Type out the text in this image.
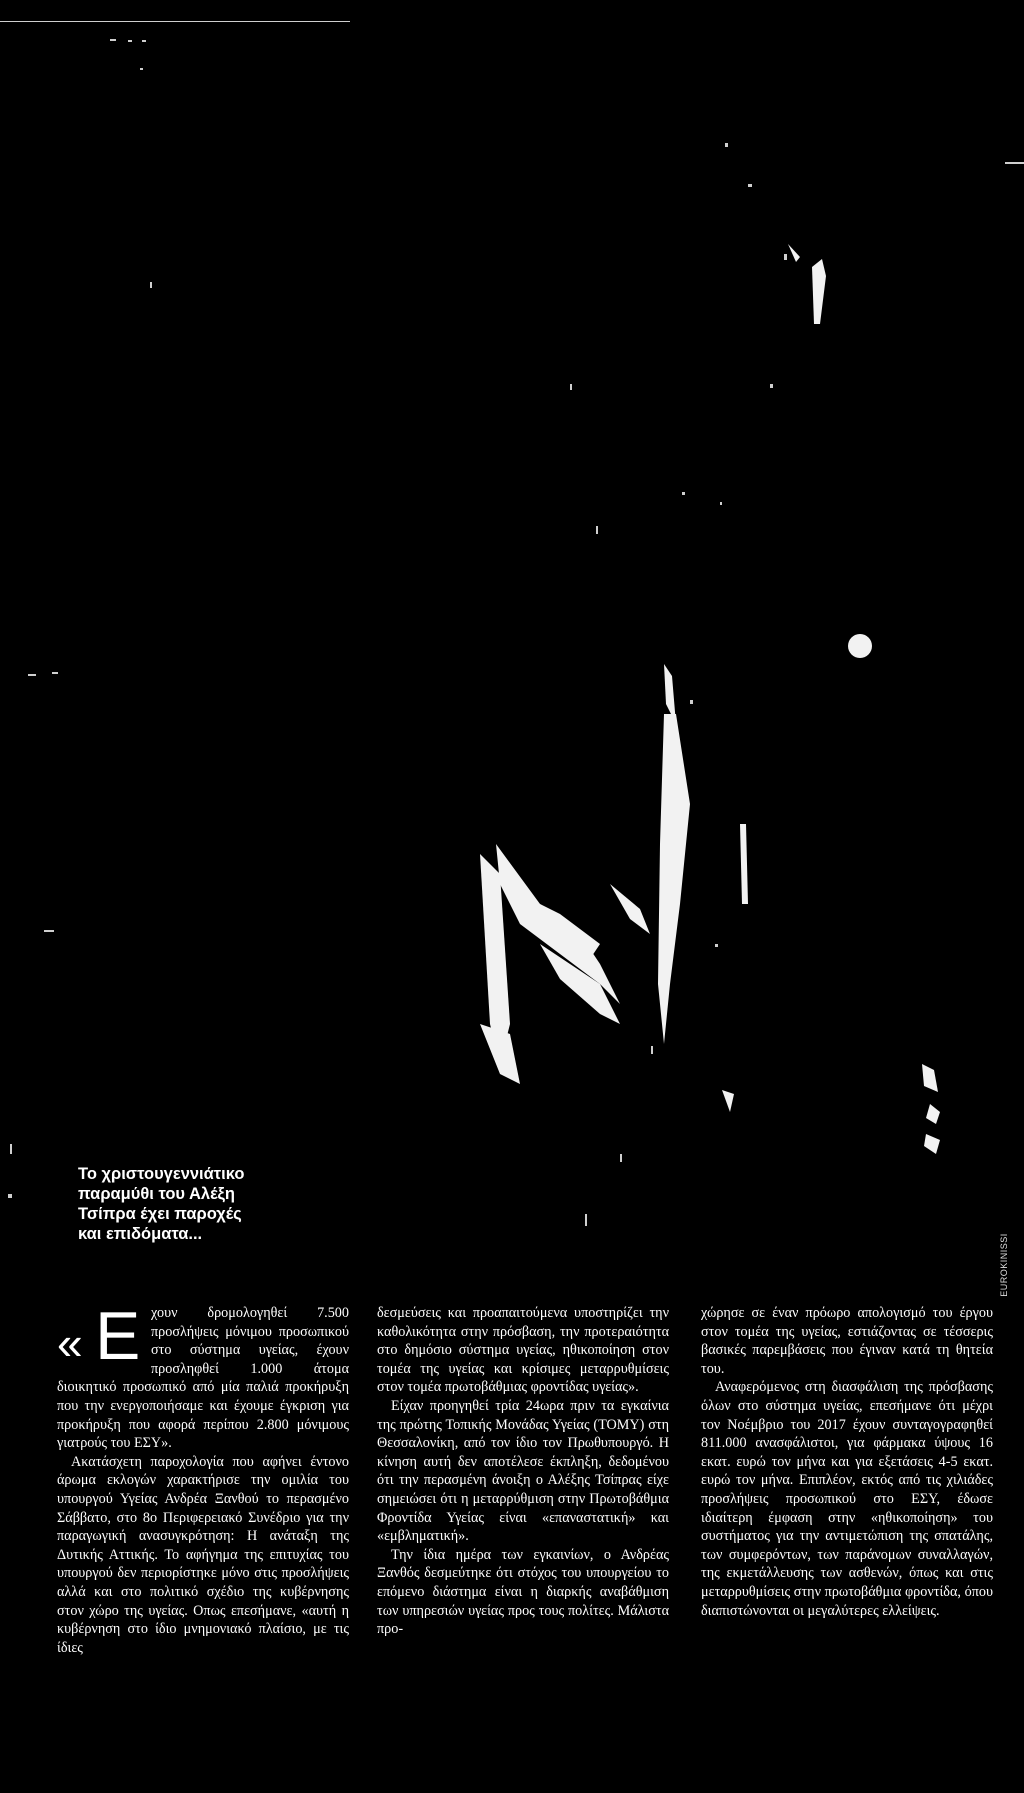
Το χριστουγεννιάτικο
παραμύθι του Αλέξη
Τσίπρα έχει παροχές
και επιδόματα...	EUROKINISSI

« Ε χουν δρομολογηθεί 7.500 προσλήψεις μόνιμου προσωπικού στο σύστημα υγείας, έχουν προσληφθεί 1.000 άτομα διοικητικό προσωπικό από μία παλιά προκήρυξη που την ενεργοποιήσαμε και έχουμε έγκριση για προκήρυξη που αφορά περίπου 2.800 μόνιμους γιατρούς του ΕΣΥ».

Ακατάσχετη παροχολογία που αφήνει έντονο άρωμα εκλογών χαρακτήρισε την ομιλία του υπουργού Υγείας Ανδρέα Ξανθού το περασμένο Σάββατο, στο 8ο Περιφερειακό Συνέδριο για την παραγωγική ανασυγκρότηση: Η ανάταξη της Δυτικής Αττικής. Το αφήγημα της επιτυχίας του υπουργού δεν περιορίστηκε μόνο στις προσλήψεις αλλά και στο πολιτικό σχέδιο της κυβέρνησης στον χώρο της υγείας. Οπως επεσήμανε, «αυτή η κυβέρνηση στο ίδιο μνημονιακό πλαίσιο, με τις ίδιες

δεσμεύσεις και προαπαιτούμενα υποστηρίζει την καθολικότητα στην πρόσβαση, την προτεραιότητα στο δημόσιο σύστημα υγείας, ηθικοποίηση στον τομέα της υγείας και κρίσιμες μεταρρυθμίσεις στον τομέα πρωτοβάθμιας φροντίδας υγείας».

Είχαν προηγηθεί τρία 24ωρα πριν τα εγκαίνια της πρώτης Τοπικής Μονάδας Υγείας (ΤΟΜΥ) στη Θεσσαλονίκη, από τον ίδιο τον Πρωθυπουργό. Η κίνηση αυτή δεν αποτέλεσε έκπληξη, δεδομένου ότι την περασμένη άνοιξη ο Αλέξης Τσίπρας είχε σημειώσει ότι η μεταρρύθμιση στην Πρωτοβάθμια Φροντίδα Υγείας είναι «επαναστατική» και «εμβληματική».

Την ίδια ημέρα των εγκαινίων, ο Ανδρέας Ξανθός δεσμεύτηκε ότι στόχος του υπουργείου το επόμενο διάστημα είναι η διαρκής αναβάθμιση των υπηρεσιών υγείας προς τους πολίτες. Μάλιστα προ-

χώρησε σε έναν πρόωρο απολογισμό του έργου στον τομέα της υγείας, εστιάζοντας σε τέσσερις βασικές παρεμβάσεις που έγιναν κατά τη θητεία του.

Αναφερόμενος στη διασφάλιση της πρόσβασης όλων στο σύστημα υγείας, επεσήμανε ότι μέχρι τον Νοέμβριο του 2017 έχουν συνταγογραφηθεί 811.000 ανασφάλιστοι, για φάρμακα ύψους 16 εκατ. ευρώ τον μήνα και για εξετάσεις 4-5 εκατ. ευρώ τον μήνα. Επιπλέον, εκτός από τις χιλιάδες προσλήψεις προσωπικού στο ΕΣΥ, έδωσε ιδιαίτερη έμφαση στην «ηθικοποίηση» του συστήματος για την αντιμετώπιση της σπατάλης, των συμφερόντων, των παράνομων συναλλαγών, της εκμετάλλευσης των ασθενών, όπως και στις μεταρρυθμίσεις στην πρωτοβάθμια φροντίδα, όπου διαπιστώνονται οι μεγαλύτερες ελλείψεις.
